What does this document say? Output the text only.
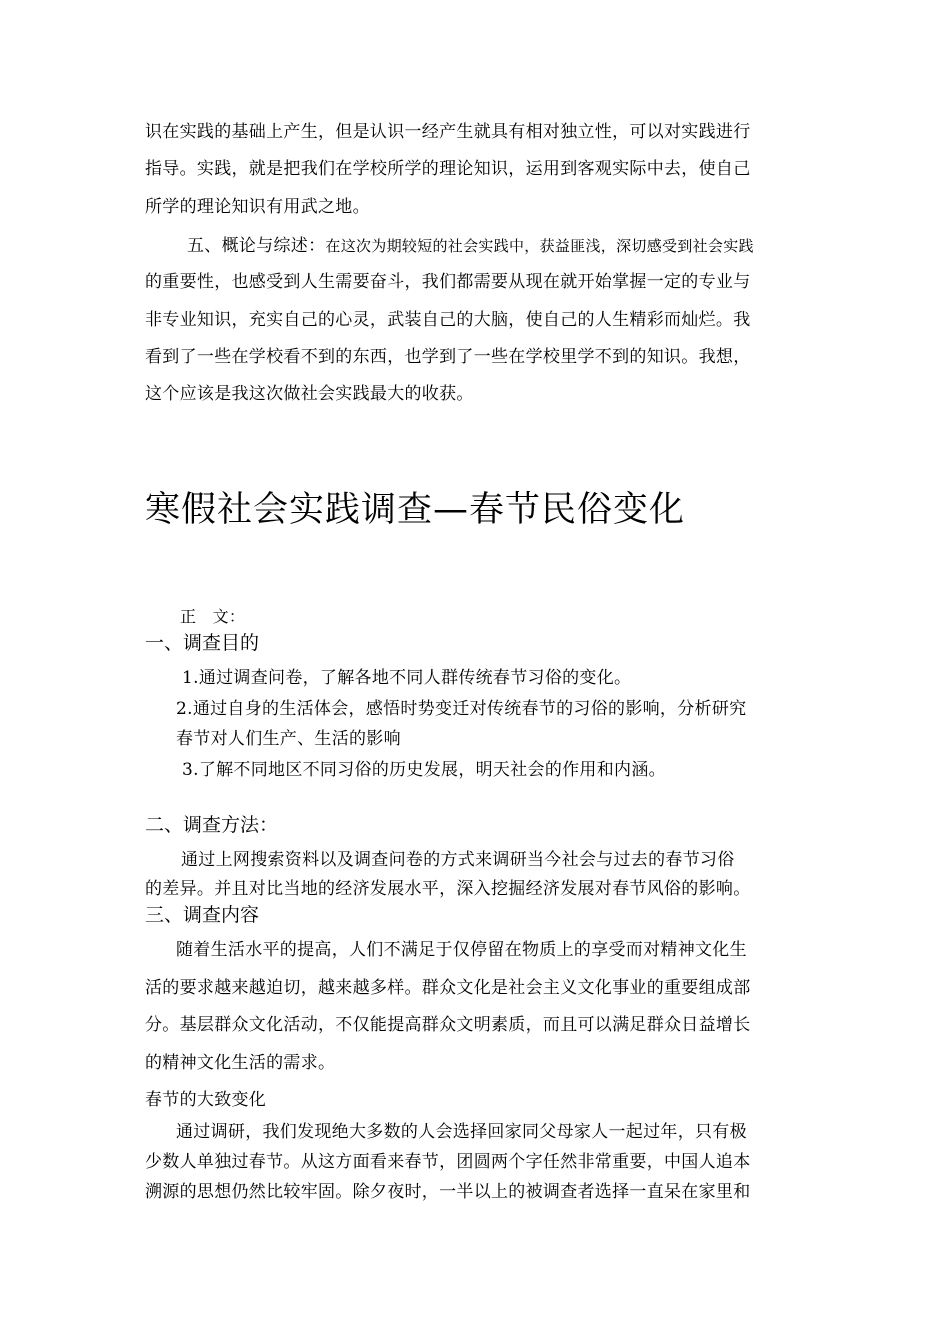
识在实践的基础上产生，但是认识一经产生就具有相对独立性，可以对实践进行
指导。实践，就是把我们在学校所学的理论知识，运用到客观实际中去，使自己
所学的理论知识有用武之地。
五、概论与综述：在这次为期较短的社会实践中，获益匪浅，深切感受到社会实践
的重要性，也感受到人生需要奋斗，我们都需要从现在就开始掌握一定的专业与
非专业知识，充实自己的心灵，武装自己的大脑，使自己的人生精彩而灿烂。我
看到了一些在学校看不到的东西，也学到了一些在学校里学不到的知识。我想，
这个应该是我这次做社会实践最大的收获。
寒假社会实践调查—春节民俗变化
正　文：
一、调查目的
1.通过调查问卷，了解各地不同人群传统春节习俗的变化。
2.通过自身的生活体会，感悟时势变迁对传统春节的习俗的影响，分析研究
春节对人们生产、生活的影响
3.了解不同地区不同习俗的历史发展，明天社会的作用和内涵。
二、调查方法：
通过上网搜索资料以及调查问卷的方式来调研当今社会与过去的春节习俗
的差异。并且对比当地的经济发展水平，深入挖掘经济发展对春节风俗的影响。
三、调查内容
随着生活水平的提高，人们不满足于仅停留在物质上的享受而对精神文化生
活的要求越来越迫切，越来越多样。群众文化是社会主义文化事业的重要组成部
分。基层群众文化活动，不仅能提高群众文明素质，而且可以满足群众日益增长
的精神文化生活的需求。
春节的大致变化
通过调研，我们发现绝大多数的人会选择回家同父母家人一起过年，只有极
少数人单独过春节。从这方面看来春节，团圆两个字任然非常重要，中国人追本
溯源的思想仍然比较牢固。除夕夜时，一半以上的被调查者选择一直呆在家里和
